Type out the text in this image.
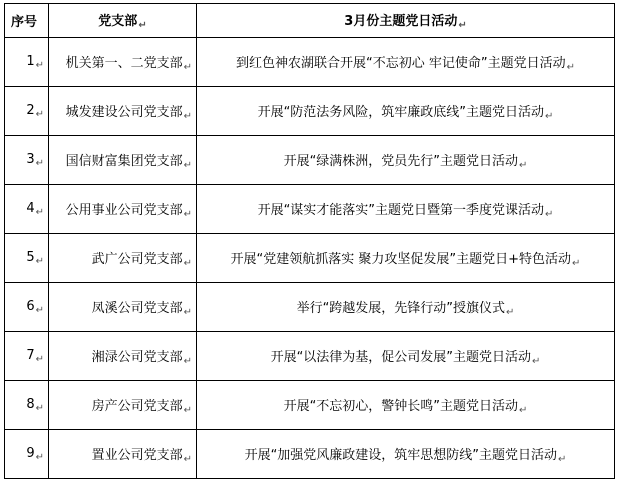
序号	党支部$_↵$	3月份主题党日活动$_↵$
$1_↵$	机关第一、二党支部$_↵$	到红色神农湖联合开展“不忘初心 牢记使命”主题党日活动$_↵$
$2_↵$	城发建设公司党支部$_↵$	开展“防范法务风险，筑牢廉政底线”主题党日活动$_↵$
$3_↵$	国信财富集团党支部$_↵$	开展“绿满株洲，党员先行”主题党日活动$_↵$
$4_↵$	公用事业公司党支部$_↵$	开展“谋实才能落实”主题党日暨第一季度党课活动$_↵$
$5_↵$	武广公司党支部$_↵$	开展“党建领航抓落实 聚力攻坚促发展”主题党日+特色活动$_↵$
$6_↵$	凤溪公司党支部$_↵$	举行“跨越发展，先锋行动”授旗仪式$_↵$
$7_↵$	湘渌公司党支部$_↵$	开展“以法律为基，促公司发展”主题党日活动$_↵$
$8_↵$	房产公司党支部$_↵$	开展“不忘初心，警钟长鸣”主题党日活动$_↵$
$9_↵$	置业公司党支部$_↵$	开展“加强党风廉政建设，筑牢思想防线”主题党日活动$_↵$
